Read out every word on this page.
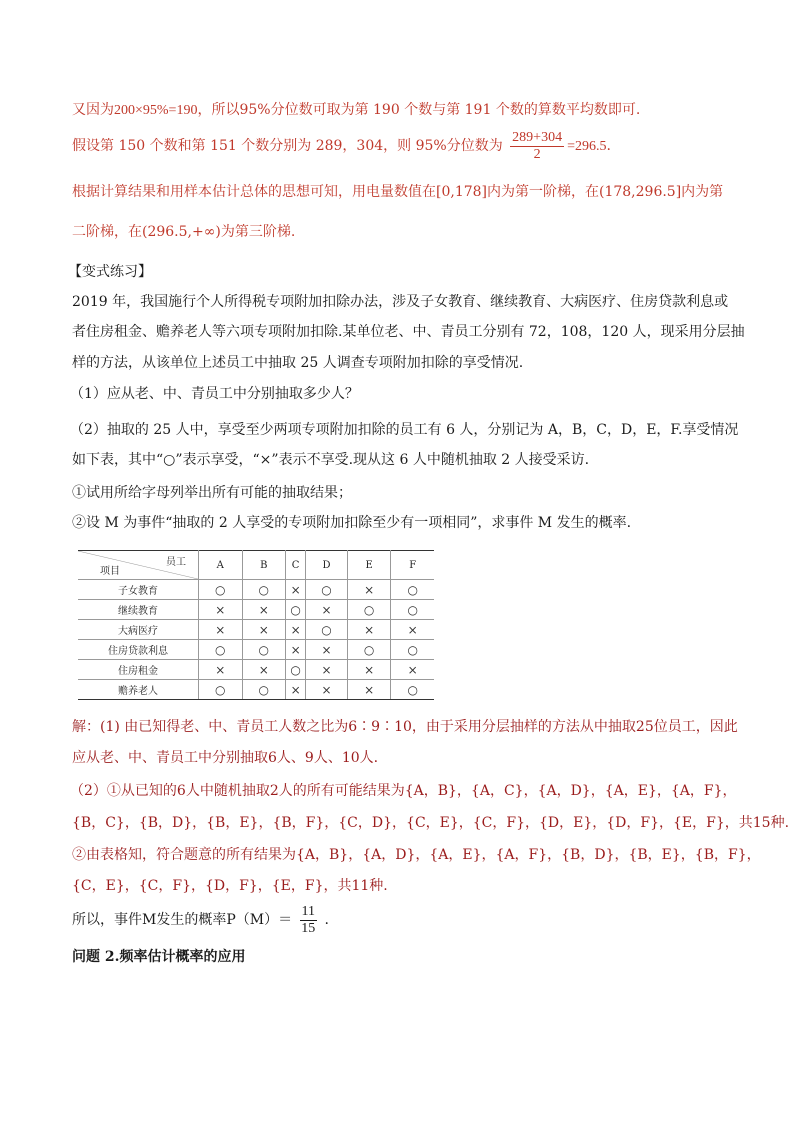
又因为200×95%=190，所以95%分位数可取为第 190 个数与第 191 个数的算数平均数即可.
假设第 150 个数和第 151 个数分别为 289，304，则 95%分位数为 $\frac{289+304}{2} =296.5$.
根据计算结果和用样本估计总体的思想可知，用电量数值在[0,178]内为第一阶梯，在(178,296.5]内为第
二阶梯，在(296.5,+∞)为第三阶梯.
【变式练习】
2019 年，我国施行个人所得税专项附加扣除办法，涉及子女教育、继续教育、大病医疗、住房贷款利息或
者住房租金、赡养老人等六项专项附加扣除.某单位老、中、青员工分别有 72，108，120 人，现采用分层抽
样的方法，从该单位上述员工中抽取 25 人调查专项附加扣除的享受情况.
（1）应从老、中、青员工中分别抽取多少人？
（2）抽取的 25 人中，享受至少两项专项附加扣除的员工有 6 人，分别记为 A，B，C，D，E，F.享受情况
如下表，其中“○”表示享受，“×”表示不享受.现从这 6 人中随机抽取 2 人接受采访.
①试用所给字母列举出所有可能的抽取结果；
②设 M 为事件“抽取的 2 人享受的专项附加扣除至少有一项相同”，求事件 M 发生的概率.
员工
项目	A	B	C	D	E	F
子女教育	○	○	×	○	×	○
继续教育	×	×	○	×	○	○
大病医疗	×	×	×	○	×	×
住房贷款利息	○	○	×	×	○	○
住房租金	×	×	○	×	×	×
赡养老人	○	○	×	×	×	○
解：(1) 由已知得老、中、青员工人数之比为6∶9∶10，由于采用分层抽样的方法从中抽取25位员工，因此
应从老、中、青员工中分别抽取6人、9人、10人.
（2）①从已知的6人中随机抽取2人的所有可能结果为{A，B}，{A，C}，{A，D}，{A，E}，{A，F}，
{B，C}，{B，D}，{B，E}，{B，F}，{C，D}，{C，E}，{C，F}，{D，E}，{D，F}，{E，F}，共15种.
②由表格知，符合题意的所有结果为{A，B}，{A，D}，{A，E}，{A，F}，{B，D}，{B，E}，{B，F}，
{C，E}，{C，F}，{D，F}，{E，F}，共11种.
所以，事件M发生的概率$P(M)= \frac{11}{15}$ .
问题 2.频率估计概率的应用
